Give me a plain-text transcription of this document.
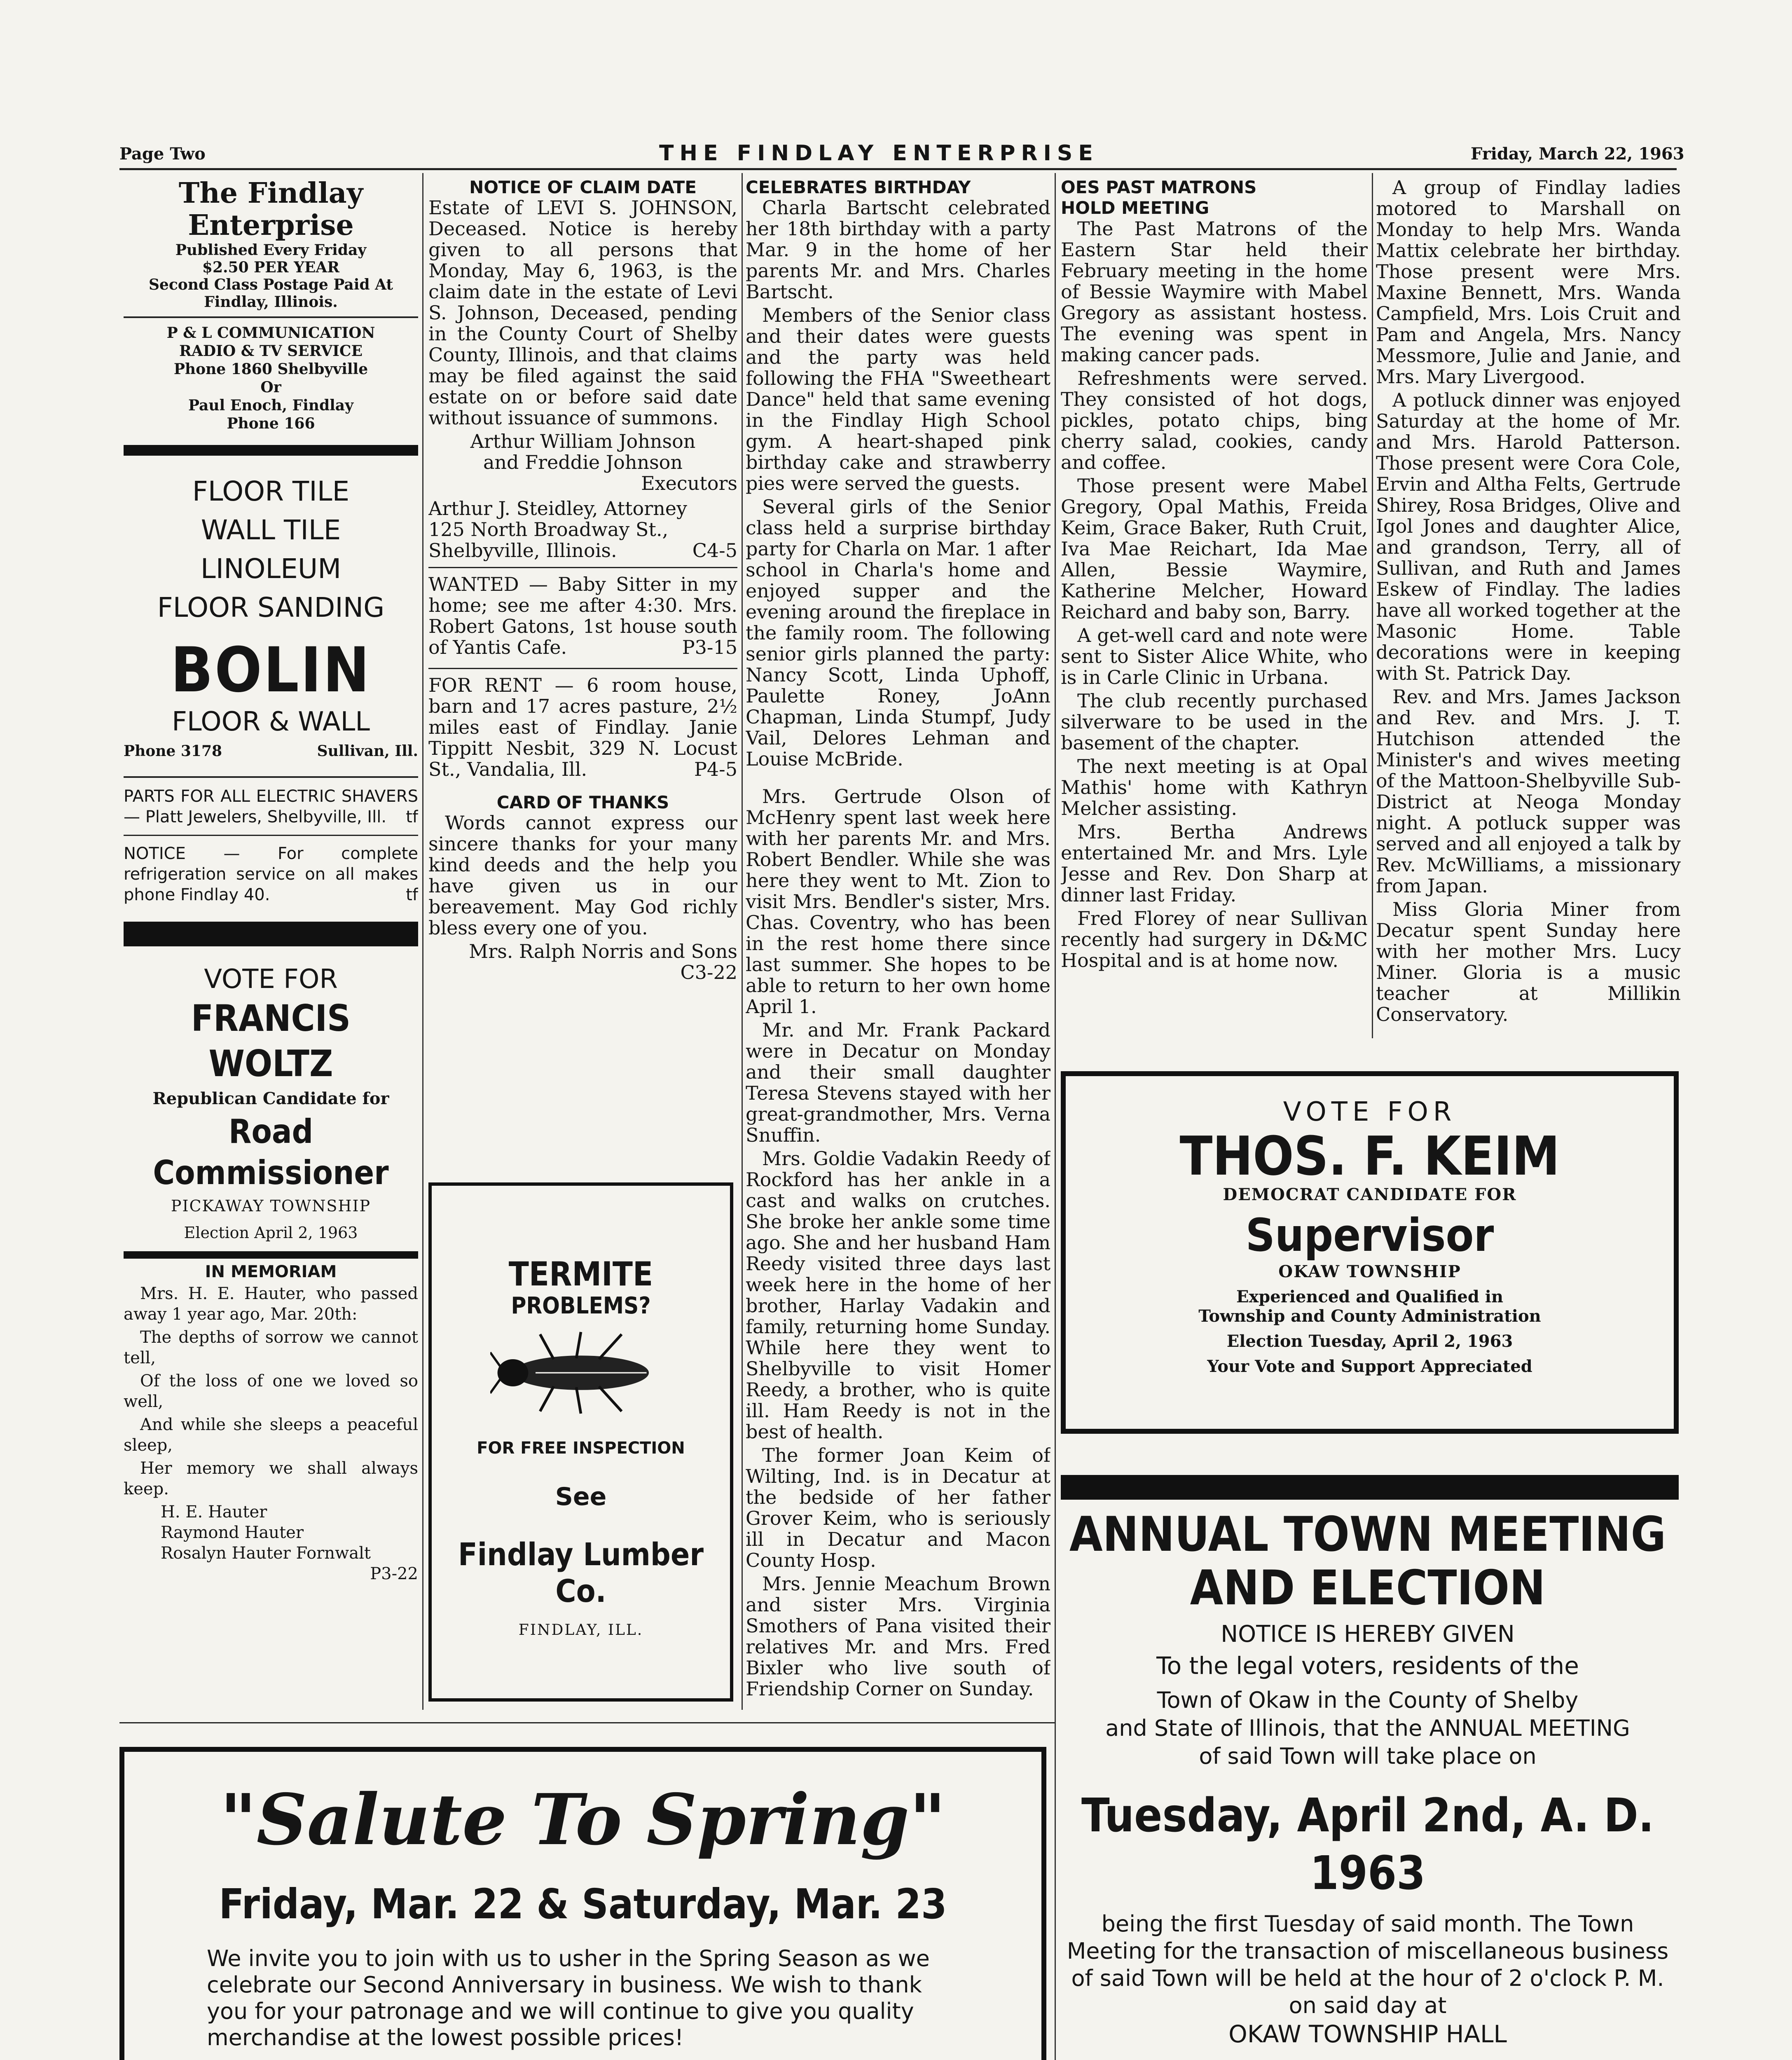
Page Two	THE FINDLAY ENTERPRISE	Friday, March 22, 1963
The Findlay Enterprise
Published Every Friday
$2.50 PER YEAR
Second Class Postage Paid At
Findlay, Illinois.
P & L COMMUNICATION
RADIO & TV SERVICE
Phone 1860 Shelbyville
Or
Paul Enoch, Findlay
Phone 166
FLOOR TILE
WALL TILE
LINOLEUM
FLOOR SANDING
BOLIN
FLOOR & WALL
Phone 3178	Sullivan, Ill.
PARTS FOR ALL ELECTRIC SHAVERS — Platt Jewelers, Shelbyville, Ill. tf
NOTICE — For complete refrigeration service on all makes phone Findlay 40.	tf
VOTE FOR
FRANCIS WOLTZ
Republican Candidate for
Road Commissioner
PICKAWAY TOWNSHIP
Election April 2, 1963
IN MEMORIAM

Mrs. H. E. Hauter, who passed away 1 year ago, Mar. 20th:

The depths of sorrow we cannot tell,

Of the loss of one we loved so well,

And while she sleeps a peaceful sleep,

Her memory we shall always keep.

H. E. Hauter
Raymond Hauter
Rosalyn Hauter Fornwalt
P3-22
NOTICE OF CLAIM DATE

Estate of LEVI S. JOHNSON, Deceased. Notice is hereby given to all persons that Monday, May 6, 1963, is the claim date in the estate of Levi S. Johnson, Deceased, pending in the County Court of Shelby County, Illinois, and that claims may be filed against the said estate on or before said date without issuance of summons.

Arthur William Johnson
and Freddie Johnson
Executors
Arthur J. Steidley, Attorney
125 North Broadway St.,
Shelbyville, Illinois.	C4-5
WANTED — Baby Sitter in my home; see me after 4:30. Mrs. Robert Gatons, 1st house south of Yantis Cafe.	P3-15
FOR RENT — 6 room house, barn and 17 acres pasture, 2½ miles east of Findlay. Janie Tippitt Nesbit, 329 N. Locust St., Vandalia, Ill.	P4-5
CARD OF THANKS

Words cannot express our sincere thanks for your many kind deeds and the help you have given us in our bereavement. May God richly bless every one of you.

Mrs. Ralph Norris and Sons
C3-22
TERMITE
PROBLEMS?
FOR FREE INSPECTION
See
Findlay Lumber Co.
FINDLAY, ILL.
CELEBRATES BIRTHDAY

Charla Bartscht celebrated her 18th birthday with a party Mar. 9 in the home of her parents Mr. and Mrs. Charles Bartscht.

Members of the Senior class and their dates were guests and the party was held following the FHA "Sweetheart Dance" held that same evening in the Findlay High School gym. A heart-shaped pink birthday cake and strawberry pies were served the guests.

Several girls of the Senior class held a surprise birthday party for Charla on Mar. 1 after school in Charla's home and enjoyed supper and the evening around the fireplace in the family room. The following senior girls planned the party: Nancy Scott, Linda Uphoff, Paulette Roney, JoAnn Chapman, Linda Stumpf, Judy Vail, Delores Lehman and Louise McBride.

Mrs. Gertrude Olson of McHenry spent last week here with her parents Mr. and Mrs. Robert Bendler. While she was here they went to Mt. Zion to visit Mrs. Bendler's sister, Mrs. Chas. Coventry, who has been in the rest home there since last summer. She hopes to be able to return to her own home April 1.

Mr. and Mr. Frank Packard were in Decatur on Monday and their small daughter Teresa Stevens stayed with her great-grandmother, Mrs. Verna Snuffin.

Mrs. Goldie Vadakin Reedy of Rockford has her ankle in a cast and walks on crutches. She broke her ankle some time ago. She and her husband Ham Reedy visited three days last week here in the home of her brother, Harlay Vadakin and family, returning home Sunday. While here they went to Shelbyville to visit Homer Reedy, a brother, who is quite ill. Ham Reedy is not in the best of health.

The former Joan Keim of Wilting, Ind. is in Decatur at the bedside of her father Grover Keim, who is seriously ill in Decatur and Macon County Hosp.

Mrs. Jennie Meachum Brown and sister Mrs. Virginia Smothers of Pana visited their relatives Mr. and Mrs. Fred Bixler who live south of Friendship Corner on Sunday.

OES PAST MATRONS
HOLD MEETING

The Past Matrons of the Eastern Star held their February meeting in the home of Bessie Waymire with Mabel Gregory as assistant hostess. The evening was spent in making cancer pads.

Refreshments were served. They consisted of hot dogs, pickles, potato chips, bing cherry salad, cookies, candy and coffee.

Those present were Mabel Gregory, Opal Mathis, Freida Keim, Grace Baker, Ruth Cruit, Iva Mae Reichart, Ida Mae Allen, Bessie Waymire, Katherine Melcher, Howard Reichard and baby son, Barry.

A get-well card and note were sent to Sister Alice White, who is in Carle Clinic in Urbana.

The club recently purchased silverware to be used in the basement of the chapter.

The next meeting is at Opal Mathis' home with Kathryn Melcher assisting.

Mrs. Bertha Andrews entertained Mr. and Mrs. Lyle Jesse and Rev. Don Sharp at dinner last Friday.

Fred Florey of near Sullivan recently had surgery in D&MC Hospital and is at home now.

A group of Findlay ladies motored to Marshall on Monday to help Mrs. Wanda Mattix celebrate her birthday. Those present were Mrs. Maxine Bennett, Mrs. Wanda Campfield, Mrs. Lois Cruit and Pam and Angela, Mrs. Nancy Messmore, Julie and Janie, and Mrs. Mary Livergood.

A potluck dinner was enjoyed Saturday at the home of Mr. and Mrs. Harold Patterson. Those present were Cora Cole, Ervin and Altha Felts, Gertrude Shirey, Rosa Bridges, Olive and Igol Jones and daughter Alice, and grandson, Terry, all of Sullivan, and Ruth and James Eskew of Findlay. The ladies have all worked together at the Masonic Home. Table decorations were in keeping with St. Patrick Day.

Rev. and Mrs. James Jackson and Rev. and Mrs. J. T. Hutchison attended the Minister's and wives meeting of the Mattoon-Shelbyville Sub-District at Neoga Monday night. A potluck supper was served and all enjoyed a talk by Rev. McWilliams, a missionary from Japan.

Miss Gloria Miner from Decatur spent Sunday here with her mother Mrs. Lucy Miner. Gloria is a music teacher at Millikin Conservatory.

VOTE FOR
THOS. F. KEIM
DEMOCRAT CANDIDATE FOR
Supervisor
OKAW TOWNSHIP
Experienced and Qualified in
Township and County Administration
Election Tuesday, April 2, 1963
Your Vote and Support Appreciated
ANNUAL TOWN MEETING
AND ELECTION
NOTICE IS HEREBY GIVEN
To the legal voters, residents of the
Town of Okaw in the County of Shelby
and State of Illinois, that the ANNUAL MEETING
of said Town will take place on
Tuesday, April 2nd, A. D. 1963
being the first Tuesday of said month. The Town Meeting for the transaction of miscellaneous business of said Town will be held at the hour of 2 o'clock P. M. on said day at
OKAW TOWNSHIP HALL
"Salute To Spring"
Friday, Mar. 22 & Saturday, Mar. 23
We invite you to join with us to usher in the Spring Season as we celebrate our Second Anniversary in business. We wish to thank you for your patronage and we will continue to give you quality merchandise at the lowest possible prices!
